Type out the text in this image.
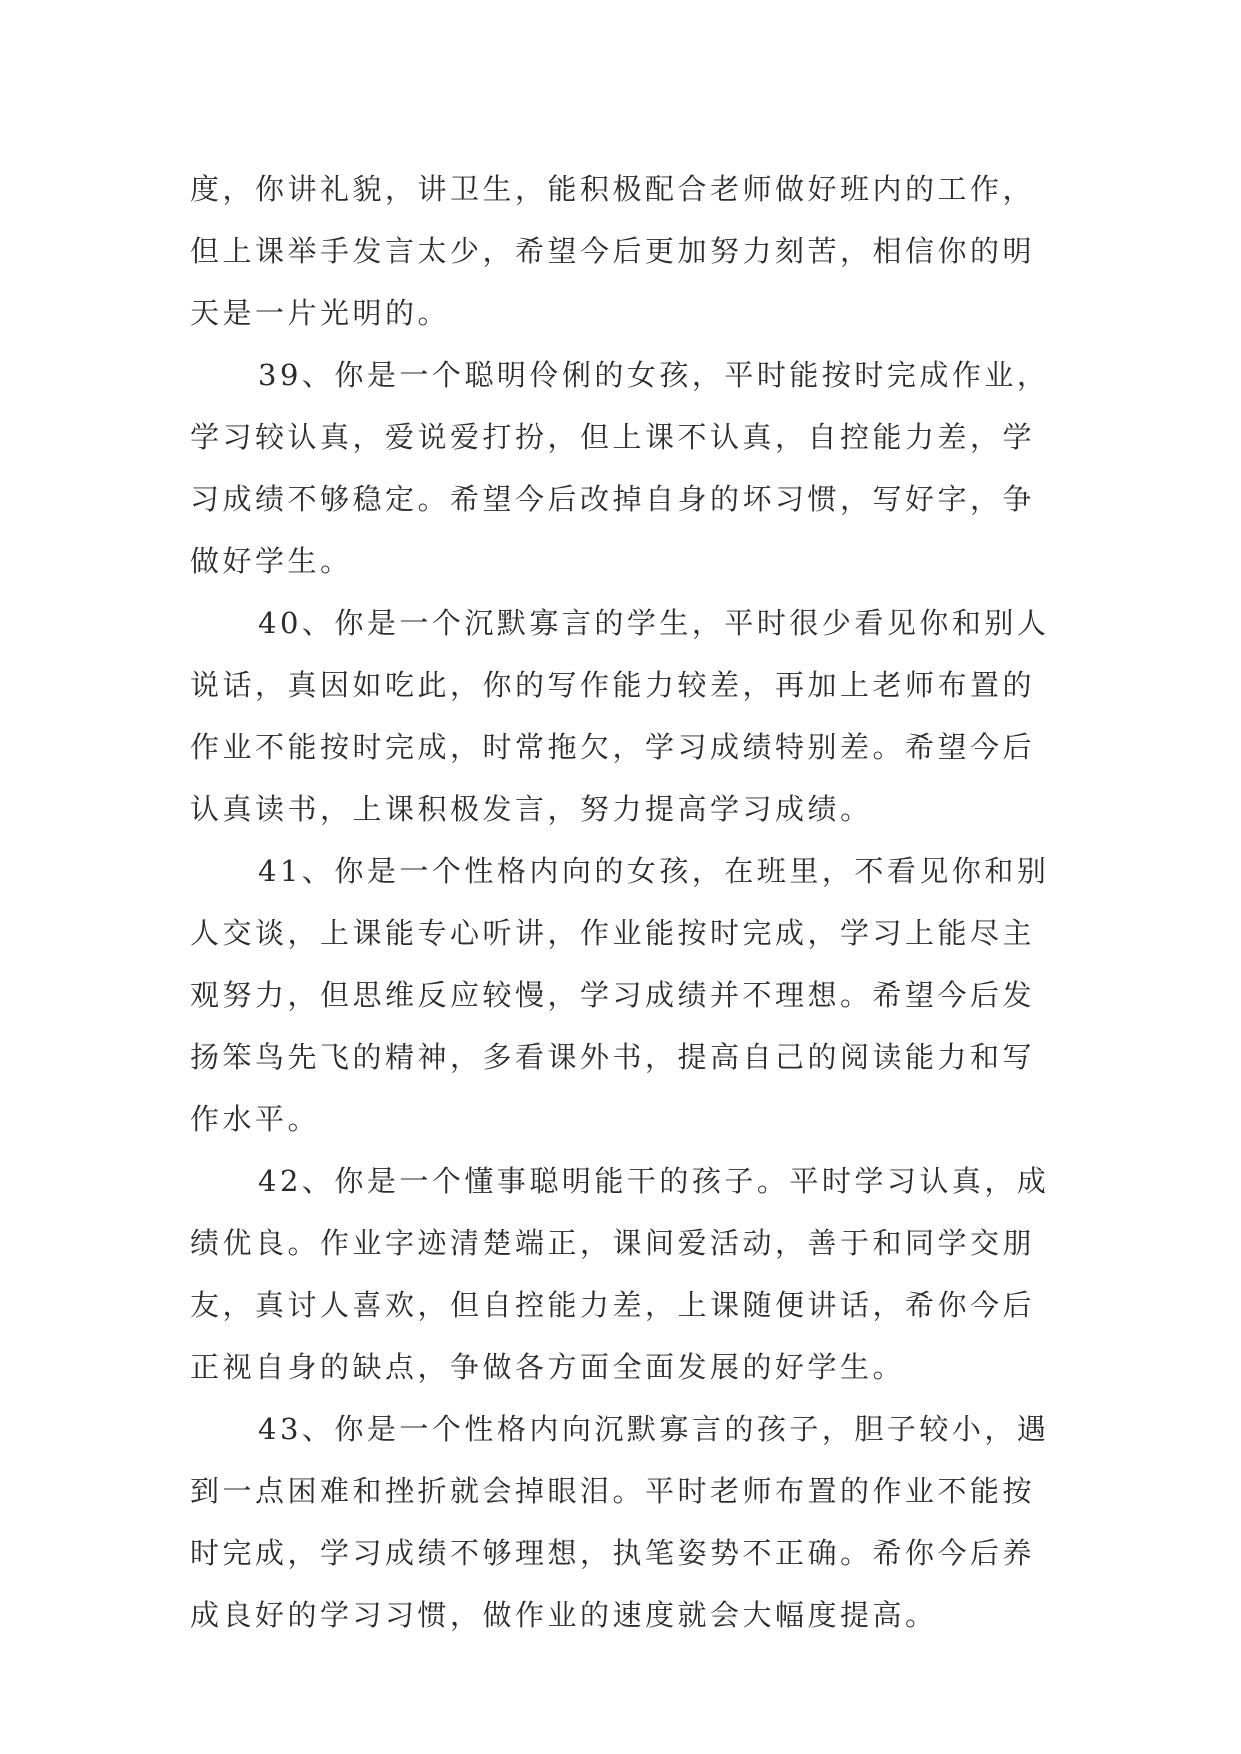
度，你讲礼貌，讲卫生，能积极配合老师做好班内的工作，
但上课举手发言太少，希望今后更加努力刻苦，相信你的明
天是一片光明的。
39、你是一个聪明伶俐的女孩，平时能按时完成作业，
学习较认真，爱说爱打扮，但上课不认真，自控能力差，学
习成绩不够稳定。希望今后改掉自身的坏习惯，写好字，争
做好学生。
40、你是一个沉默寡言的学生，平时很少看见你和别人
说话，真因如吃此，你的写作能力较差，再加上老师布置的
作业不能按时完成，时常拖欠，学习成绩特别差。希望今后
认真读书，上课积极发言，努力提高学习成绩。
41、你是一个性格内向的女孩，在班里，不看见你和别
人交谈，上课能专心听讲，作业能按时完成，学习上能尽主
观努力，但思维反应较慢，学习成绩并不理想。希望今后发
扬笨鸟先飞的精神，多看课外书，提高自己的阅读能力和写
作水平。
42、你是一个懂事聪明能干的孩子。平时学习认真，成
绩优良。作业字迹清楚端正，课间爱活动，善于和同学交朋
友，真讨人喜欢，但自控能力差，上课随便讲话，希你今后
正视自身的缺点，争做各方面全面发展的好学生。
43、你是一个性格内向沉默寡言的孩子，胆子较小，遇
到一点困难和挫折就会掉眼泪。平时老师布置的作业不能按
时完成，学习成绩不够理想，执笔姿势不正确。希你今后养
成良好的学习习惯，做作业的速度就会大幅度提高。
